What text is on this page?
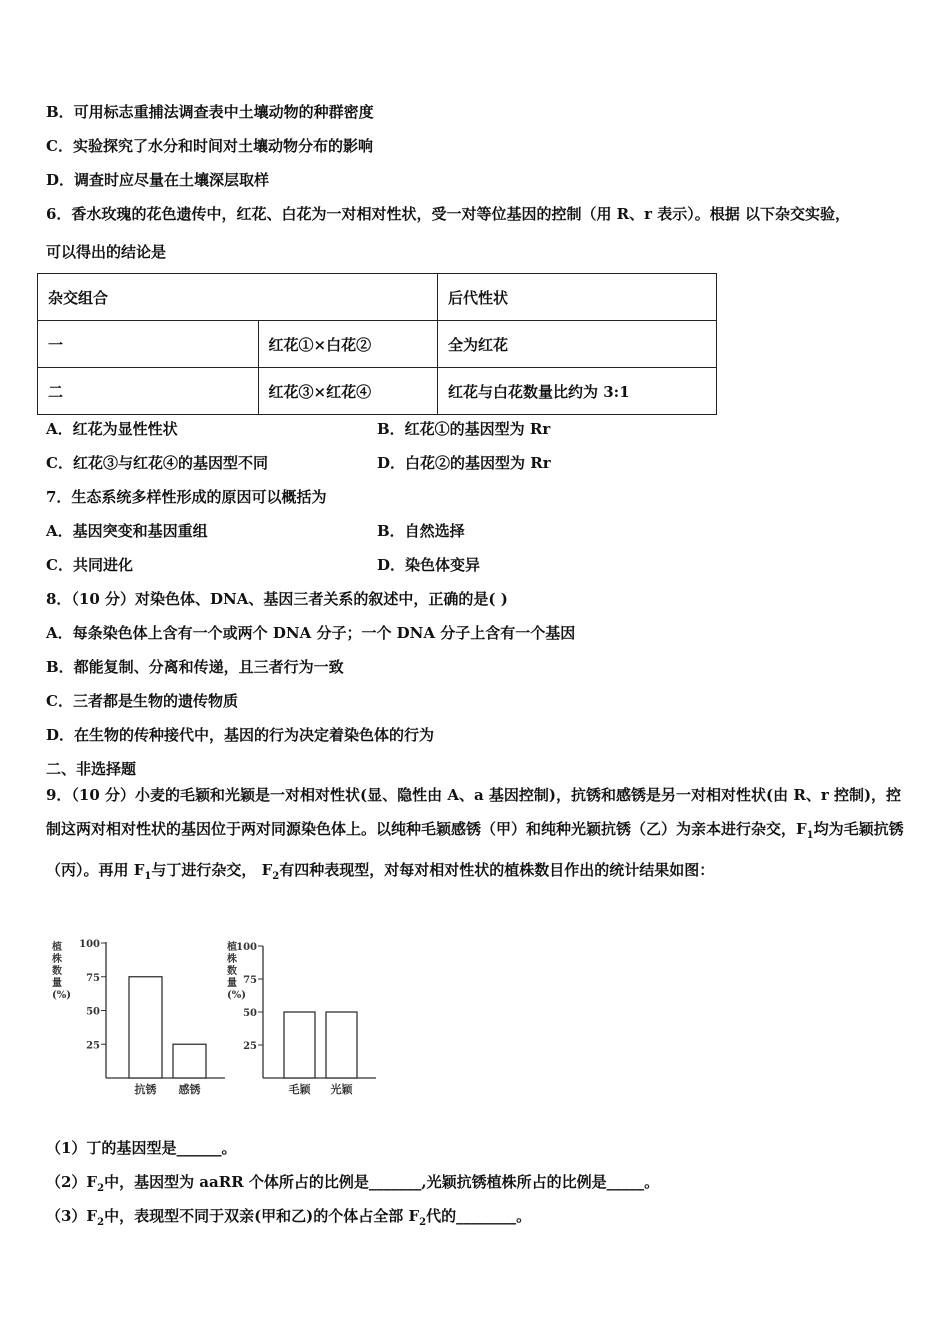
B．可用标志重捕法调查表中土壤动物的种群密度
C．实验探究了水分和时间对土壤动物分布的影响
D．调查时应尽量在土壤深层取样
6．香水玫瑰的花色遗传中，红花、白花为一对相对性状，受一对等位基因的控制（用 R、r 表示）。根据 以下杂交实验，
可以得出的结论是
杂交组合		后代性状
一	红花①×白花②	全为红花
二	红花③×红花④	红花与白花数量比约为 3:1
A．红花为显性性状	B．红花①的基因型为 Rr
C．红花③与红花④的基因型不同	D．白花②的基因型为 Rr
7．生态系统多样性形成的原因可以概括为
A．基因突变和基因重组	B．自然选择
C．共同进化	D．染色体变异
8．（10 分）对染色体、DNA、基因三者关系的叙述中，正确的是( )
A．每条染色体上含有一个或两个 DNA 分子；一个 DNA 分子上含有一个基因
B．都能复制、分离和传递，且三者行为一致
C．三者都是生物的遗传物质
D．在生物的传种接代中，基因的行为决定着染色体的行为
二、非选择题
9．（10 分）小麦的毛颖和光颖是一对相对性状(显、隐性由 A、a 基因控制)，抗锈和感锈是另一对相对性状(由 R、r 控制)，控制这两对相对性状的基因位于两对同源染色体上。以纯种毛颖感锈（甲）和纯种光颖抗锈（乙）为亲本进行杂交，$F_1$均为毛颖抗锈（丙）。再用 $F_1$与丁进行杂交， $F_2$有四种表现型，对每对相对性状的植株数目作出的统计结果如图：
植
株
数
量
(%)
100
75
50
25
抗锈 感锈
植
株
数
量
(%)
100
75
50
25
毛颖 光颖
（1）丁的基因型是______。
$(2)F_2$中，基因型为 aaRR 个体所占的比例是_______,光颖抗锈植株所占的比例是_____。
$(3)F_2$中，表现型不同于双亲(甲和乙)的个体占全部 $F_2$代的________。
